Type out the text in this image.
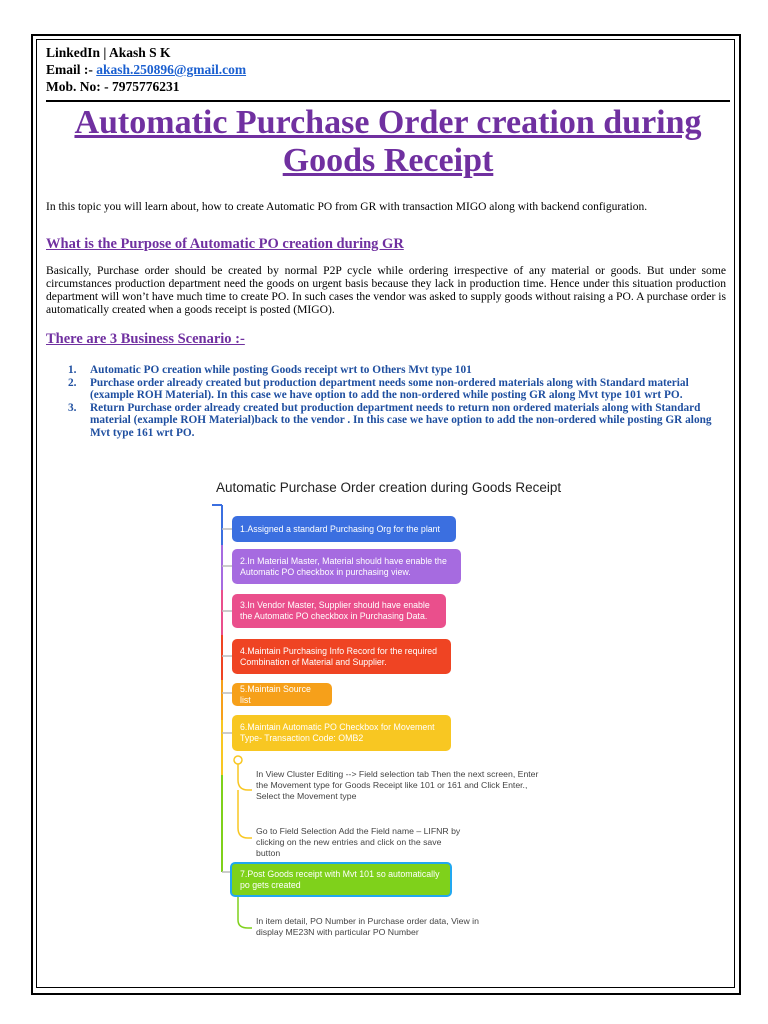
LinkedIn | Akash S K
Email :- akash.250896@gmail.com
Mob. No: - 7975776231
Automatic Purchase Order creation during
Goods Receipt
In this topic you will learn about, how to create Automatic PO from GR with transaction MIGO along with backend configuration.
What is the Purpose of Automatic PO creation during GR
Basically, Purchase order should be created by normal P2P cycle while ordering irrespective of any material or goods. But under some circumstances production department need the goods on urgent basis because they lack in production time. Hence under this situation production department will won’t have much time to create PO. In such cases the vendor was asked to supply goods without raising a PO. A purchase order is automatically created when a goods receipt is posted (MIGO).
There are 3 Business Scenario :-
1. Automatic PO creation while posting Goods receipt wrt to Others Mvt type 101
2. Purchase order already created but production department needs some non-ordered materials along with Standard material (example ROH Material). In this case we have option to add the non-ordered while posting GR along Mvt type 101 wrt PO.
3. Return Purchase order already created but production department needs to return non ordered materials along with Standard material (example ROH Material)back to the vendor . In this case we have option to add the non-ordered while posting GR along Mvt type 161 wrt PO.
Automatic Purchase Order creation during Goods Receipt
1.Assigned a standard Purchasing Org for the plant
2.In Material Master, Material should have enable the Automatic PO checkbox in purchasing view.
3.In Vendor Master, Supplier should have enable the Automatic PO checkbox in Purchasing Data.
4.Maintain Purchasing Info Record for the required Combination of Material and Supplier.
5.Maintain Source list
6.Maintain Automatic PO Checkbox for Movement Type- Transaction Code: OMB2
7.Post Goods receipt with Mvt 101 so automatically po gets created
In View Cluster Editing --> Field selection tab Then the next screen, Enter the Movement type for Goods Receipt like 101 or 161 and Click Enter., Select the Movement type
Go to Field Selection Add the Field name – LIFNR by clicking on the new entries and click on the save button
In item detail, PO Number in Purchase order data, View in display ME23N with particular PO Number
